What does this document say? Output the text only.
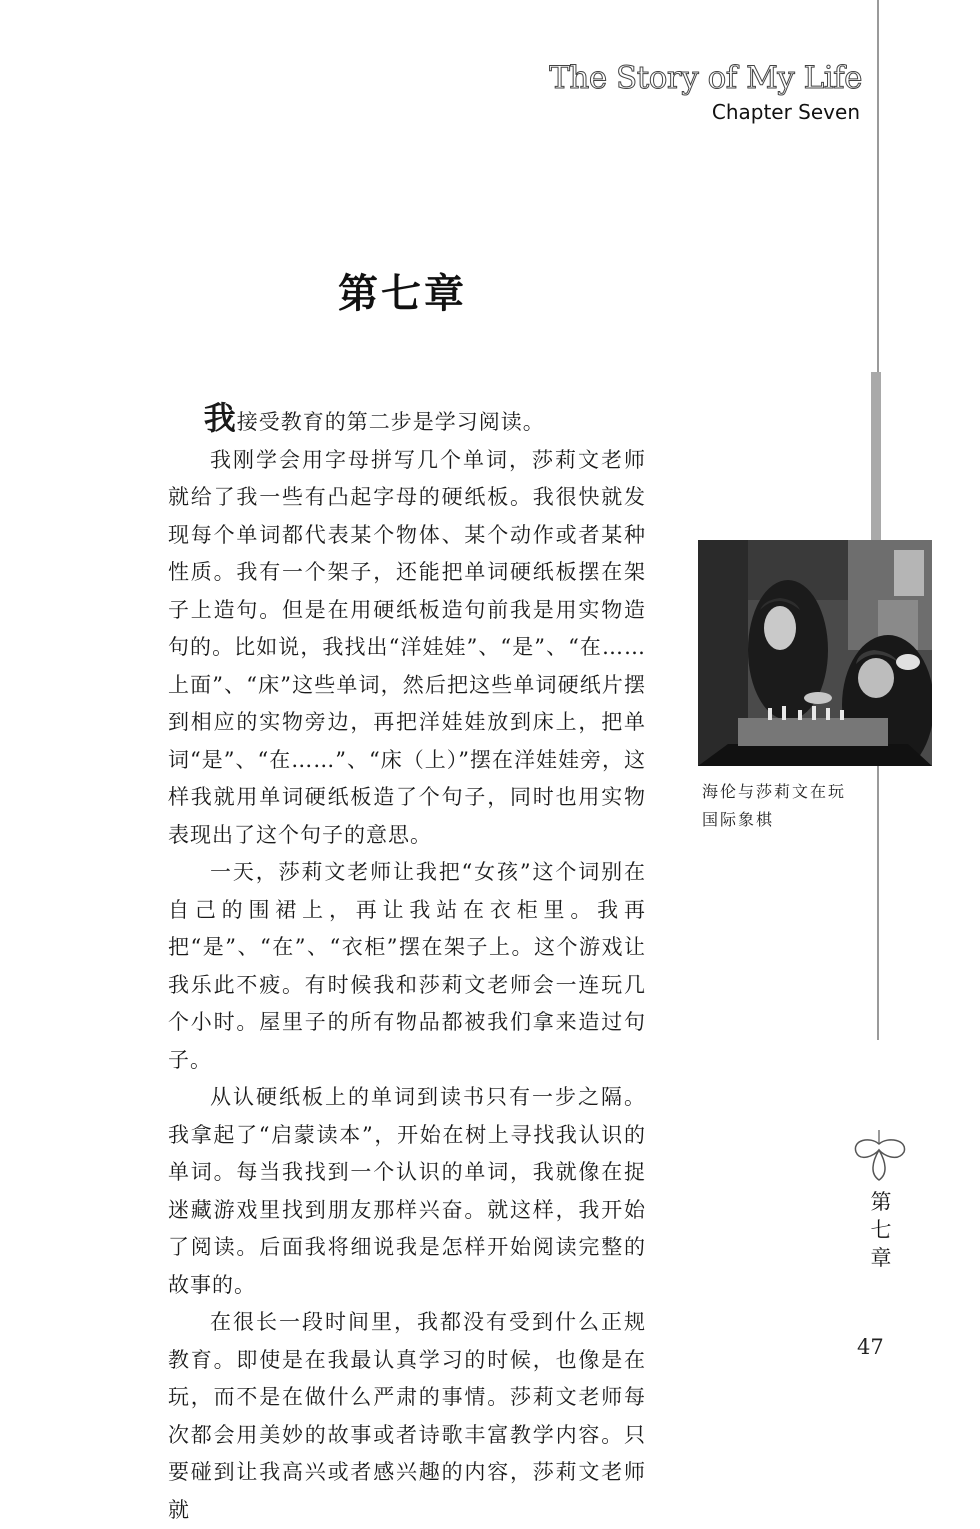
The Story of My Life
Chapter Seven
第七章

我接受教育的第二步是学习阅读。

我刚学会用字母拼写几个单词，莎莉文老师就给了我一些有凸起字母的硬纸板。我很快就发现每个单词都代表某个物体、某个动作或者某种性质。我有一个架子，还能把单词硬纸板摆在架子上造句。但是在用硬纸板造句前我是用实物造句的。比如说，我找出“洋娃娃”、“是”、“在……上面”、“床”这些单词，然后把这些单词硬纸片摆到相应的实物旁边，再把洋娃娃放到床上，把单词“是”、“在……”、“床（上）”摆在洋娃娃旁，这样我就用单词硬纸板造了个句子，同时也用实物表现出了这个句子的意思。

一天，莎莉文老师让我把“女孩”这个词别在自己的围裙上，再让我站在衣柜里。我再把“是”、“在”、“衣柜”摆在架子上。这个游戏让我乐此不疲。有时候我和莎莉文老师会一连玩几个小时。屋里子的所有物品都被我们拿来造过句子。

从认硬纸板上的单词到读书只有一步之隔。我拿起了“启蒙读本”，开始在树上寻找我认识的单词。每当我找到一个认识的单词，我就像在捉迷藏游戏里找到朋友那样兴奋。就这样，我开始了阅读。后面我将细说我是怎样开始阅读完整的故事的。

在很长一段时间里，我都没有受到什么正规教育。即使是在我最认真学习的时候，也像是在玩，而不是在做什么严肃的事情。莎莉文老师每次都会用美妙的故事或者诗歌丰富教学内容。只要碰到让我高兴或者感兴趣的内容，莎莉文老师就

海伦与莎莉文在玩
国际象棋
第
七
章
47
